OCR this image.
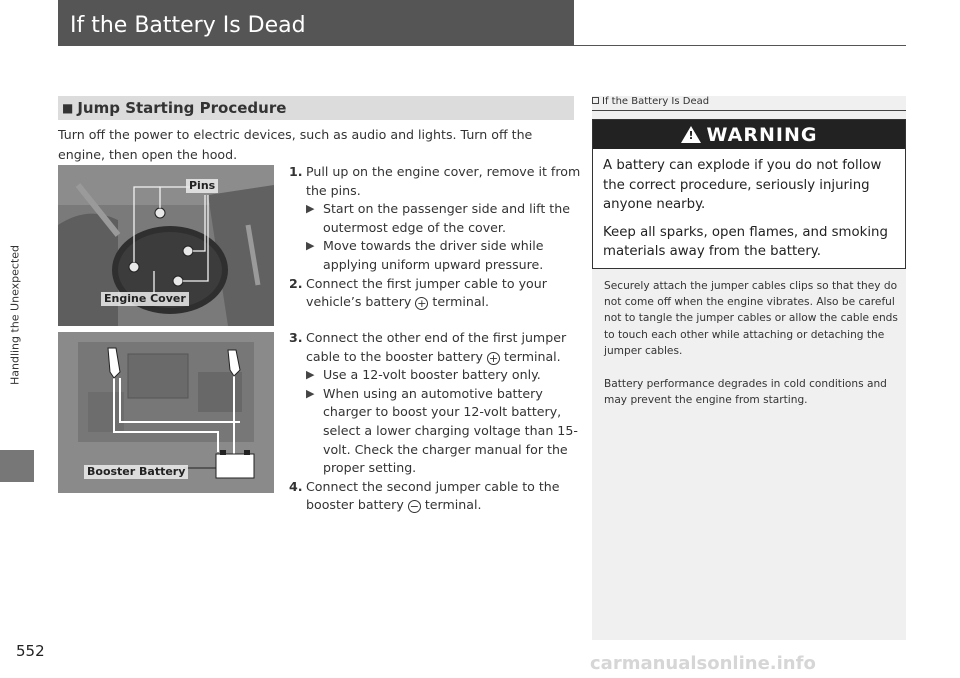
If the Battery Is Dead
Handling the Unexpected
552
■ Jump Starting Procedure
Turn off the power to electric devices, such as audio and lights. Turn off the engine, then open the hood.
1. Pull up on the engine cover, remove it from the pins.
▶ Start on the passenger side and lift the outermost edge of the cover.
▶ Move towards the driver side while applying uniform upward pressure.
2. Connect the first jumper cable to your vehicle’s battery + terminal.
3. Connect the other end of the first jumper cable to the booster battery + terminal.
▶ Use a 12-volt booster battery only.
▶ When using an automotive battery charger to boost your 12-volt battery, select a lower charging voltage than 15-volt. Check the charger manual for the proper setting.
4. Connect the second jumper cable to the booster battery − terminal.
Pins
Engine Cover
Booster Battery
If the Battery Is Dead
!
WARNING

A battery can explode if you do not follow the correct procedure, seriously injuring anyone nearby.

Keep all sparks, open flames, and smoking materials away from the battery.

Securely attach the jumper cables clips so that they do not come off when the engine vibrates. Also be careful not to tangle the jumper cables or allow the cable ends to touch each other while attaching or detaching the jumper cables.
Battery performance degrades in cold conditions and may prevent the engine from starting.
carmanualsonline.info
